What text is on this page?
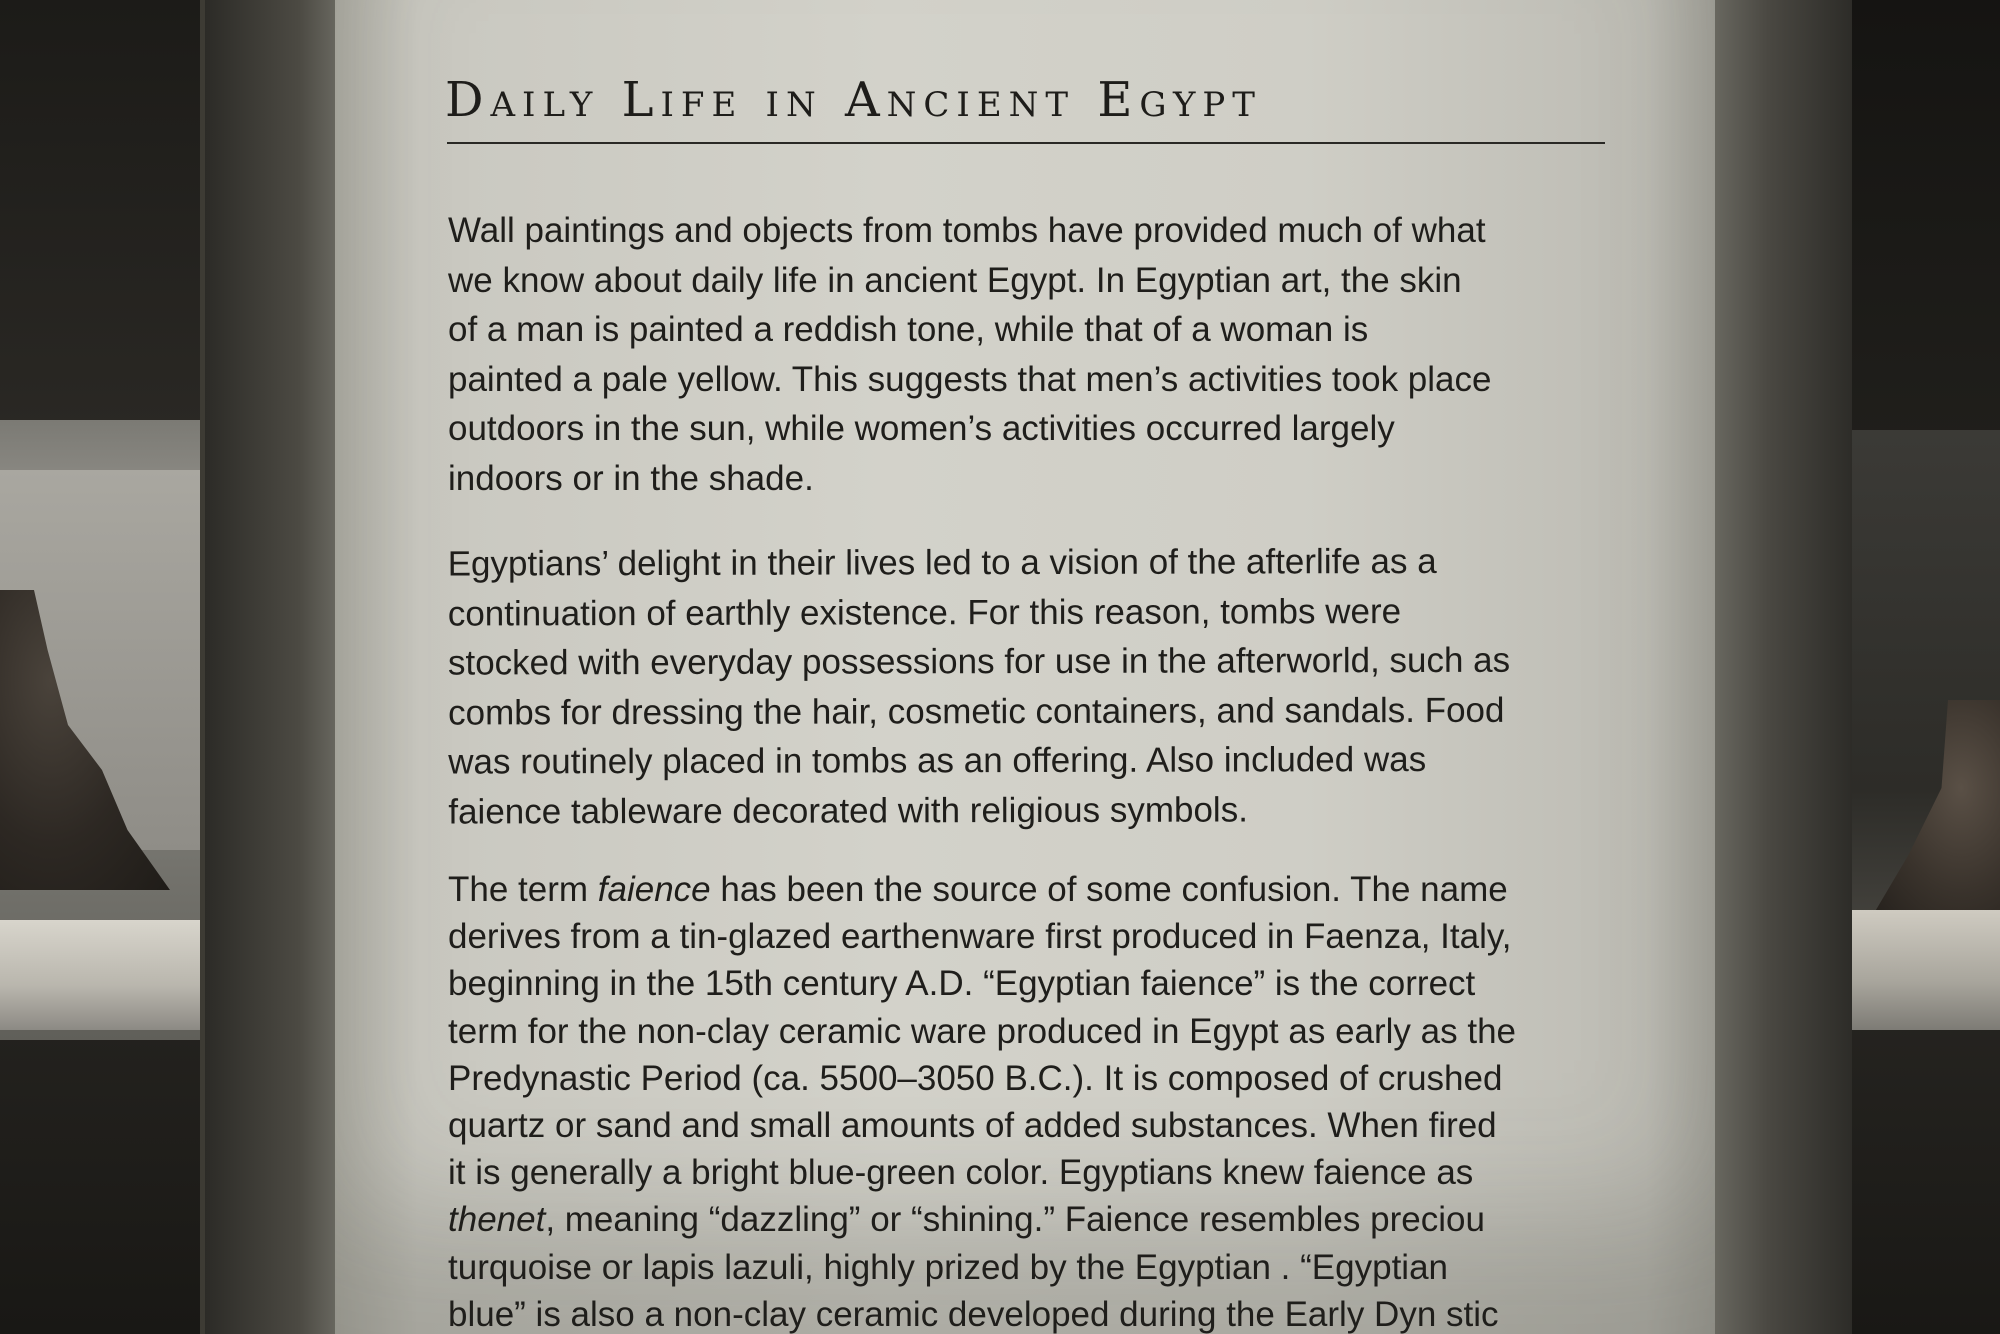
Daily Life in Ancient Egypt
Wall paintings and objects from tombs have provided much of what
we know about daily life in ancient Egypt. In Egyptian art, the skin
of a man is painted a reddish tone, while that of a woman is
painted a pale yellow. This suggests that men’s activities took place
outdoors in the sun, while women’s activities occurred largely
indoors or in the shade.
Egyptians’ delight in their lives led to a vision of the afterlife as a
continuation of earthly existence. For this reason, tombs were
stocked with everyday possessions for use in the afterworld, such as
combs for dressing the hair, cosmetic containers, and sandals. Food
was routinely placed in tombs as an offering. Also included was
faience tableware decorated with religious symbols.
The term faience has been the source of some confusion. The name
derives from a tin-glazed earthenware first produced in Faenza, Italy,
beginning in the 15th century A.D. “Egyptian faience” is the correct
term for the non-clay ceramic ware produced in Egypt as early as the
Predynastic Period (ca. 5500–3050 B.C.). It is composed of crushed
quartz or sand and small amounts of added substances. When fired
it is generally a bright blue-green color. Egyptians knew faience as
thenet, meaning “dazzling” or “shining.” Faience resembles preciou
turquoise or lapis lazuli, highly prized by the Egyptian . “Egyptian
blue” is also a non-clay ceramic developed during the Early Dyn stic
